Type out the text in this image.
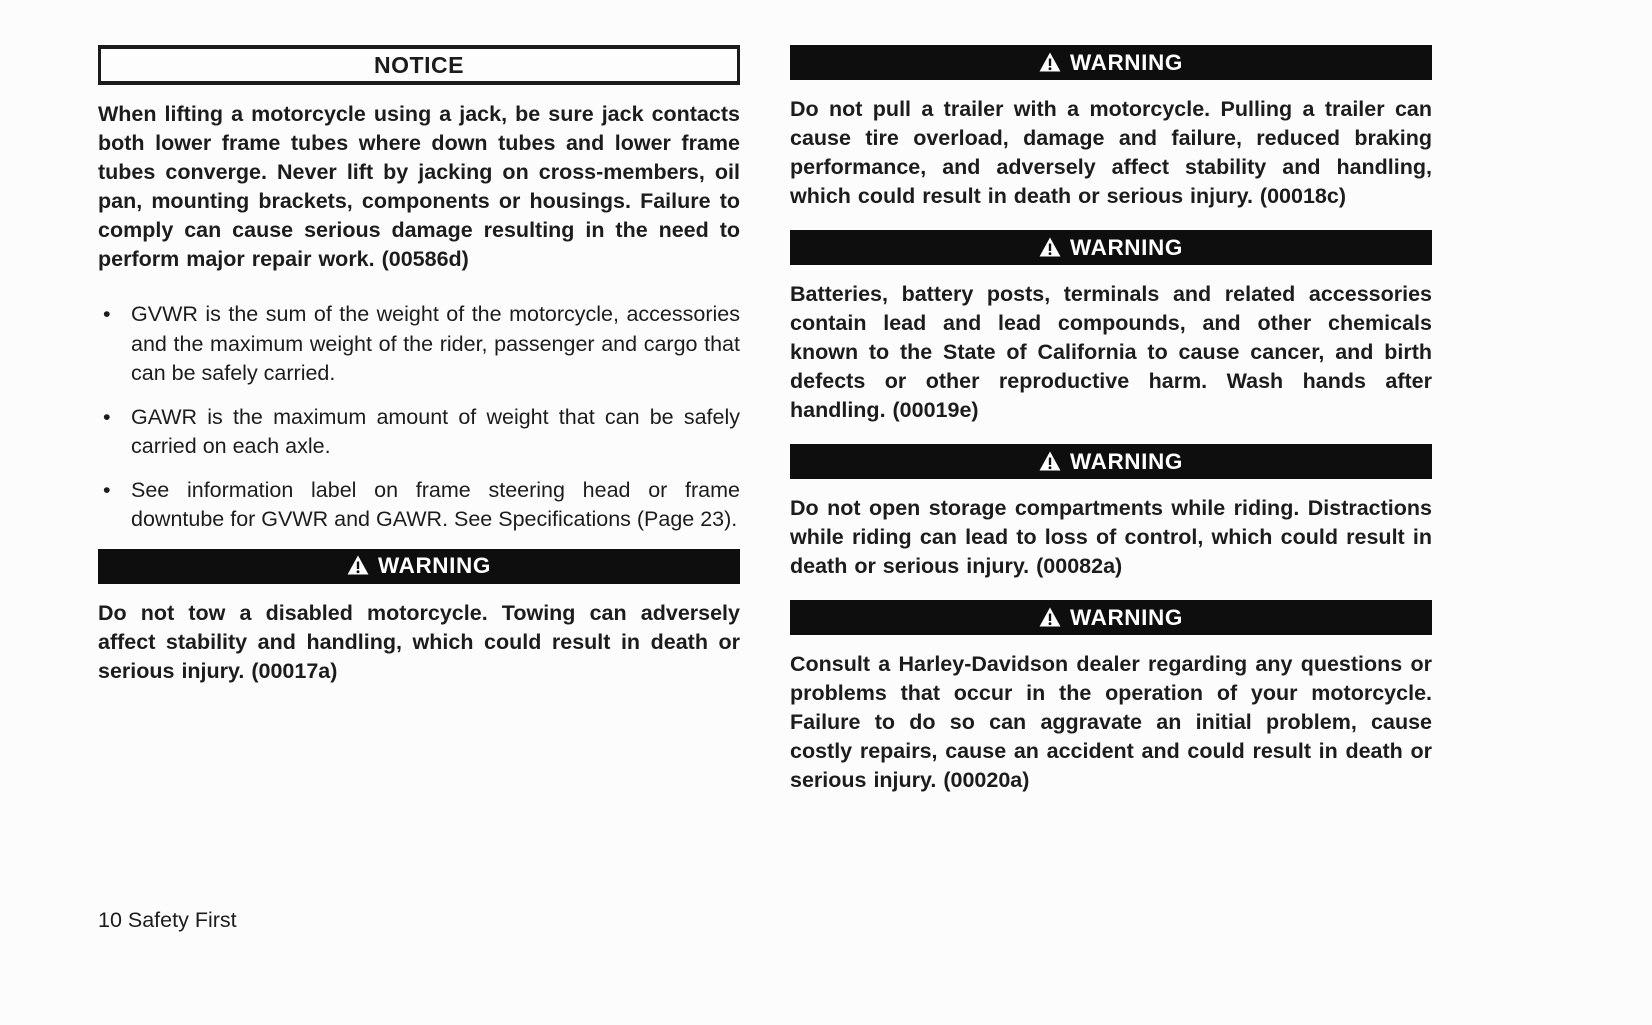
NOTICE

When lifting a motorcycle using a jack, be sure jack contacts both lower frame tubes where down tubes and lower frame tubes converge. Never lift by jacking on cross-members, oil pan, mounting brackets, components or housings. Failure to comply can cause serious damage resulting in the need to perform major repair work. (00586d)

• GVWR is the sum of the weight of the motorcycle, accessories and the maximum weight of the rider, passenger and cargo that can be safely carried.
• GAWR is the maximum amount of weight that can be safely carried on each axle.
• See information label on frame steering head or frame downtube for GVWR and GAWR. See Specifications (Page 23).
WARNING

Do not tow a disabled motorcycle. Towing can adversely affect stability and handling, which could result in death or serious injury. (00017a)

WARNING

Do not pull a trailer with a motorcycle. Pulling a trailer can cause tire overload, damage and failure, reduced braking performance, and adversely affect stability and handling, which could result in death or serious injury. (00018c)

WARNING

Batteries, battery posts, terminals and related accessories contain lead and lead compounds, and other chemicals known to the State of California to cause cancer, and birth defects or other reproductive harm. Wash hands after handling. (00019e)

WARNING

Do not open storage compartments while riding. Distractions while riding can lead to loss of control, which could result in death or serious injury. (00082a)

WARNING

Consult a Harley-Davidson dealer regarding any questions or problems that occur in the operation of your motorcycle. Failure to do so can aggravate an initial problem, cause costly repairs, cause an accident and could result in death or serious injury. (00020a)

10 Safety First
